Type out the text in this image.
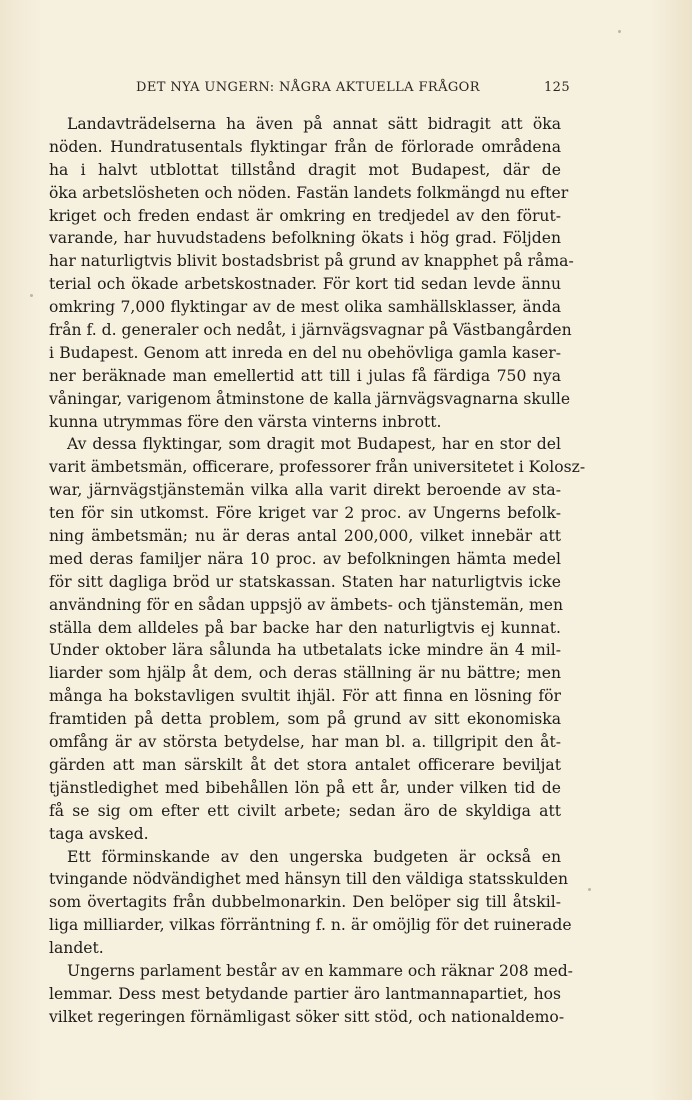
DET NYA UNGERN: NÅGRA AKTUELLA FRÅGOR	125
Landavträdelserna ha även på annat sätt bidragit att öka
nöden. Hundratusentals flyktingar från de förlorade områdena
ha i halvt utblottat tillstånd dragit mot Budapest, där de
öka arbetslösheten och nöden. Fastän landets folkmängd nu efter
kriget och freden endast är omkring en tredjedel av den förut-
varande, har huvudstadens befolkning ökats i hög grad. Följden
har naturligtvis blivit bostadsbrist på grund av knapphet på råma-
terial och ökade arbetskostnader. För kort tid sedan levde ännu
omkring 7,000 flyktingar av de mest olika samhällsklasser, ända
från f. d. generaler och nedåt, i järnvägsvagnar på Västbangården
i Budapest. Genom att inreda en del nu obehövliga gamla kaser-
ner beräknade man emellertid att till i julas få färdiga 750 nya
våningar, varigenom åtminstone de kalla järnvägsvagnarna skulle
kunna utrymmas före den värsta vinterns inbrott.
Av dessa flyktingar, som dragit mot Budapest, har en stor del
varit ämbetsmän, officerare, professorer från universitetet i Kolosz-
war, järnvägstjänstemän vilka alla varit direkt beroende av sta-
ten för sin utkomst. Före kriget var 2 proc. av Ungerns befolk-
ning ämbetsmän; nu är deras antal 200,000, vilket innebär att
med deras familjer nära 10 proc. av befolkningen hämta medel
för sitt dagliga bröd ur statskassan. Staten har naturligtvis icke
användning för en sådan uppsjö av ämbets- och tjänstemän, men
ställa dem alldeles på bar backe har den naturligtvis ej kunnat.
Under oktober lära sålunda ha utbetalats icke mindre än 4 mil-
liarder som hjälp åt dem, och deras ställning är nu bättre; men
många ha bokstavligen svultit ihjäl. För att finna en lösning för
framtiden på detta problem, som på grund av sitt ekonomiska
omfång är av största betydelse, har man bl. a. tillgripit den åt-
gärden att man särskilt åt det stora antalet officerare beviljat
tjänstledighet med bibehållen lön på ett år, under vilken tid de
få se sig om efter ett civilt arbete; sedan äro de skyldiga att
taga avsked.
Ett förminskande av den ungerska budgeten är också en
tvingande nödvändighet med hänsyn till den väldiga statsskulden
som övertagits från dubbelmonarkin. Den belöper sig till åtskil-
liga milliarder, vilkas förräntning f. n. är omöjlig för det ruinerade
landet.
Ungerns parlament består av en kammare och räknar 208 med-
lemmar. Dess mest betydande partier äro lantmannapartiet, hos
vilket regeringen förnämligast söker sitt stöd, och nationaldemo-
